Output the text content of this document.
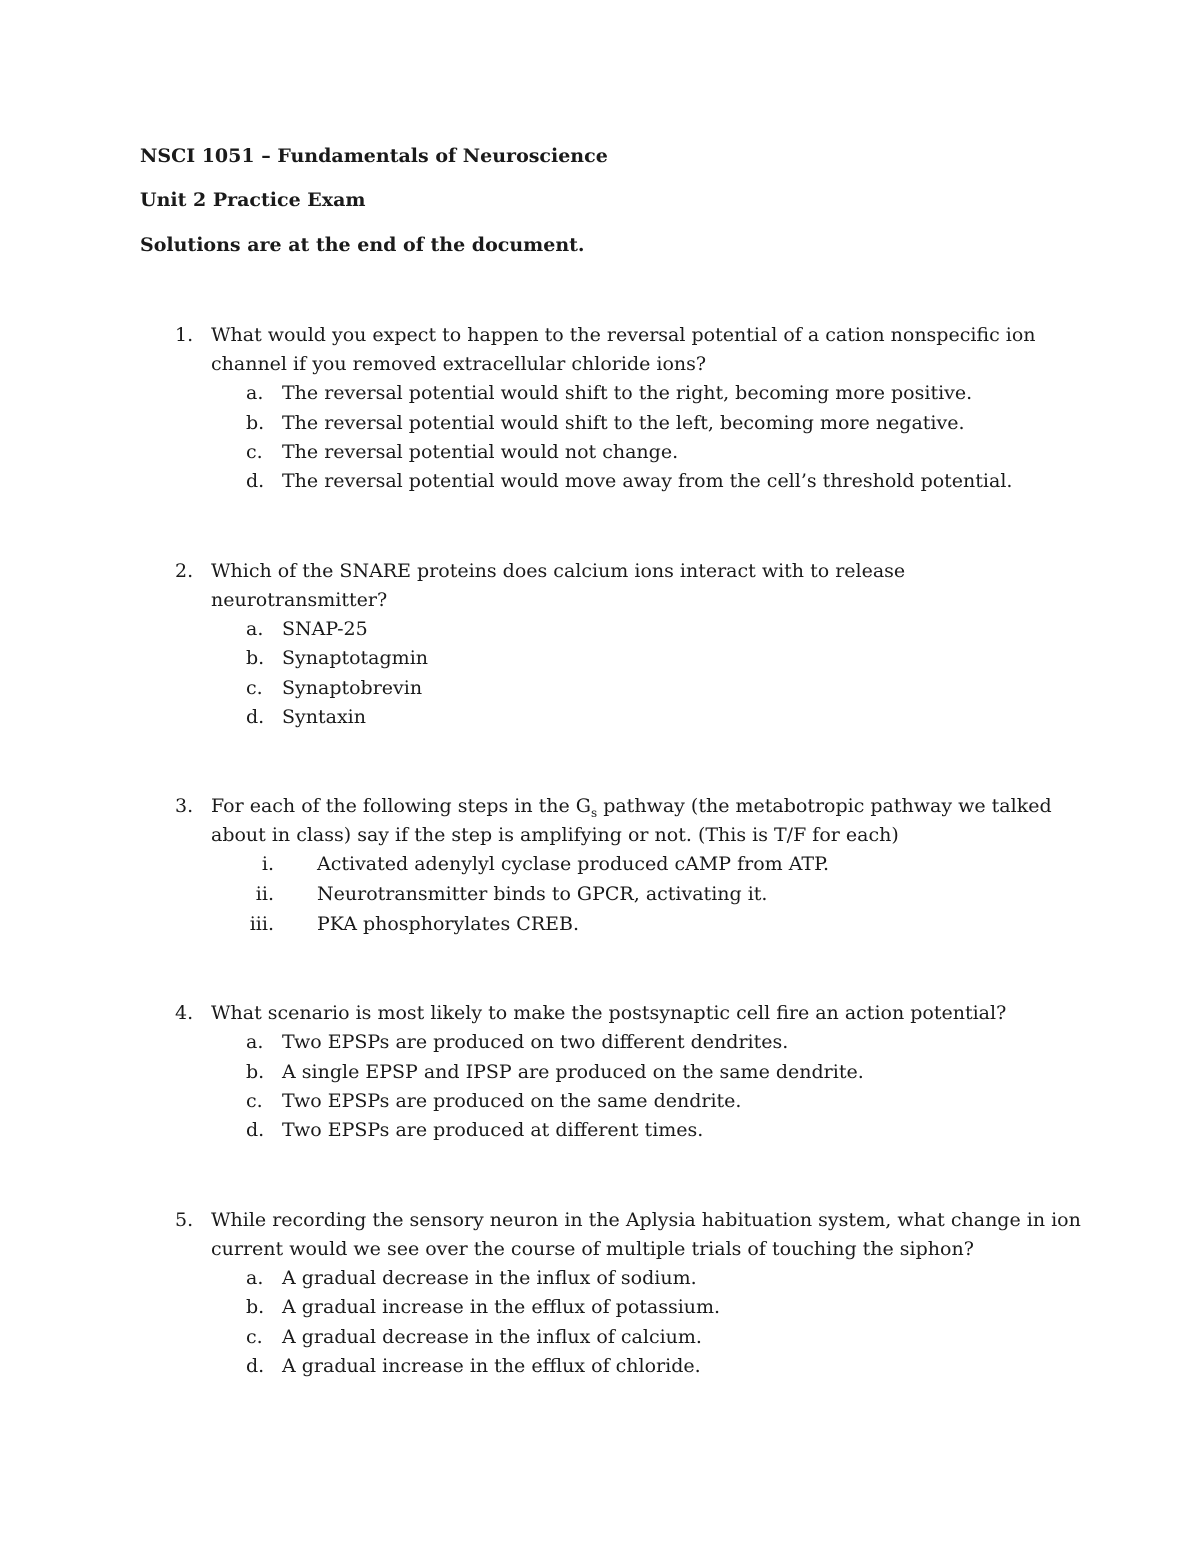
NSCI 1051 – Fundamentals of Neuroscience
Unit 2 Practice Exam
Solutions are at the end of the document.
1. What would you expect to happen to the reversal potential of a cation nonspecific ion
channel if you removed extracellular chloride ions?
a. The reversal potential would shift to the right, becoming more positive.
b. The reversal potential would shift to the left, becoming more negative.
c. The reversal potential would not change.
d. The reversal potential would move away from the cell’s threshold potential.
2. Which of the SNARE proteins does calcium ions interact with to release
neurotransmitter?
a. SNAP-25
b. Synaptotagmin
c. Synaptobrevin
d. Syntaxin
3. For each of the following steps in the $G_s$ pathway (the metabotropic pathway we talked
about in class) say if the step is amplifying or not. (This is T/F for each)
i. Activated adenylyl cyclase produced cAMP from ATP.
ii. Neurotransmitter binds to GPCR, activating it.
iii. PKA phosphorylates CREB.
4. What scenario is most likely to make the postsynaptic cell fire an action potential?
a. Two EPSPs are produced on two different dendrites.
b. A single EPSP and IPSP are produced on the same dendrite.
c. Two EPSPs are produced on the same dendrite.
d. Two EPSPs are produced at different times.
5. While recording the sensory neuron in the Aplysia habituation system, what change in ion
current would we see over the course of multiple trials of touching the siphon?
a. A gradual decrease in the influx of sodium.
b. A gradual increase in the efflux of potassium.
c. A gradual decrease in the influx of calcium.
d. A gradual increase in the efflux of chloride.
